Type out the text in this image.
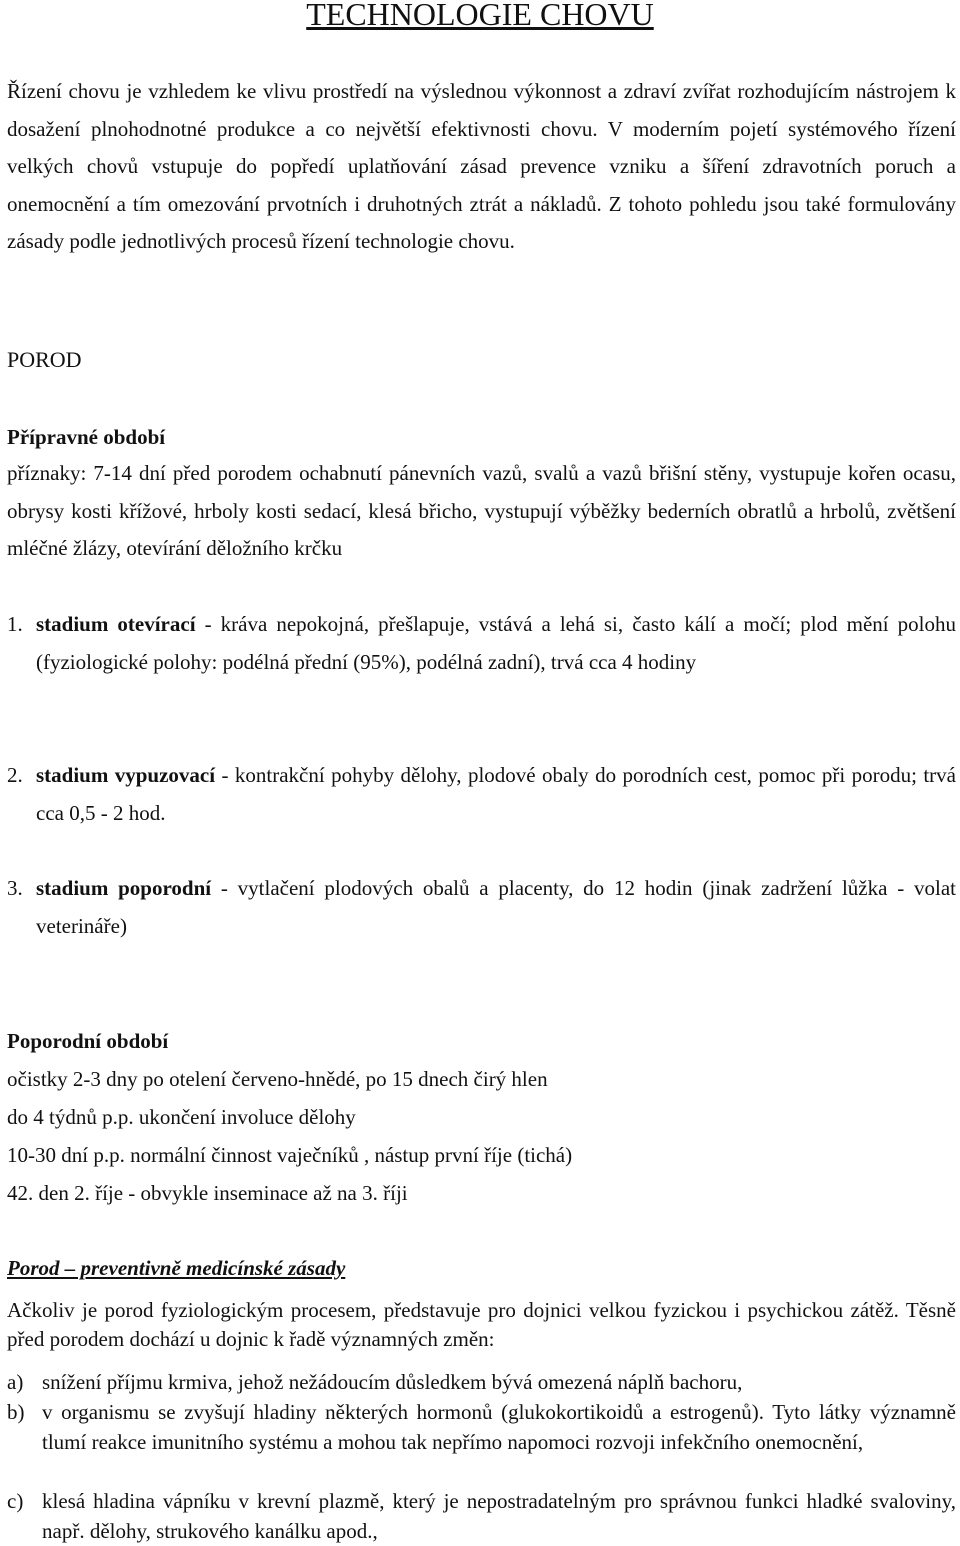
TECHNOLOGIE CHOVU

Řízení chovu je vzhledem ke vlivu prostředí na výslednou výkonnost a zdraví zvířat rozhodujícím nástrojem k dosažení plnohodnotné produkce a co největší efektivnosti chovu. V moderním pojetí systémového řízení velkých chovů vstupuje do popředí uplatňování zásad prevence vzniku a šíření zdravotních poruch a onemocnění a tím omezování prvotních i druhotných ztrát a nákladů. Z tohoto pohledu jsou také formulovány zásady podle jednotlivých procesů řízení technologie chovu.

POROD
Přípravné období

příznaky: 7-14 dní před porodem ochabnutí pánevních vazů, svalů a vazů břišní stěny, vystupuje kořen ocasu, obrysy kosti křížové, hrboly kosti sedací, klesá břicho, vystupují výběžky bederních obratlů a hrbolů, zvětšení mléčné žlázy, otevírání děložního krčku

1. stadium otevírací - kráva nepokojná, přešlapuje, vstává a lehá si, často kálí a močí; plod mění polohu (fyziologické polohy: podélná přední (95%), podélná zadní), trvá cca 4 hodiny
2. stadium vypuzovací - kontrakční pohyby dělohy, plodové obaly do porodních cest, pomoc při porodu; trvá cca 0,5 - 2 hod.
3. stadium poporodní - vytlačení plodových obalů a placenty, do 12 hodin (jinak zadržení lůžka - volat veterináře)
Poporodní období
očistky 2-3 dny po otelení červeno-hnědé, po 15 dnech čirý hlen
do 4 týdnů p.p. ukončení involuce dělohy
10-30 dní p.p. normální činnost vaječníků , nástup první říje (tichá)
42. den 2. říje - obvykle inseminace až na 3. říji
Porod – preventivně medicínské zásady

Ačkoliv je porod fyziologickým procesem, představuje pro dojnici velkou fyzickou i psychickou zátěž. Těsně před porodem dochází u dojnic k řadě významných změn:

a) snížení příjmu krmiva, jehož nežádoucím důsledkem bývá omezená náplň bachoru,
b) v organismu se zvyšují hladiny některých hormonů (glukokortikoidů a estrogenů). Tyto látky významně tlumí reakce imunitního systému a mohou tak nepřímo napomoci rozvoji infekčního onemocnění,
c) klesá hladina vápníku v krevní plazmě, který je nepostradatelným pro správnou funkci hladké svaloviny, např. dělohy, strukového kanálku apod.,
